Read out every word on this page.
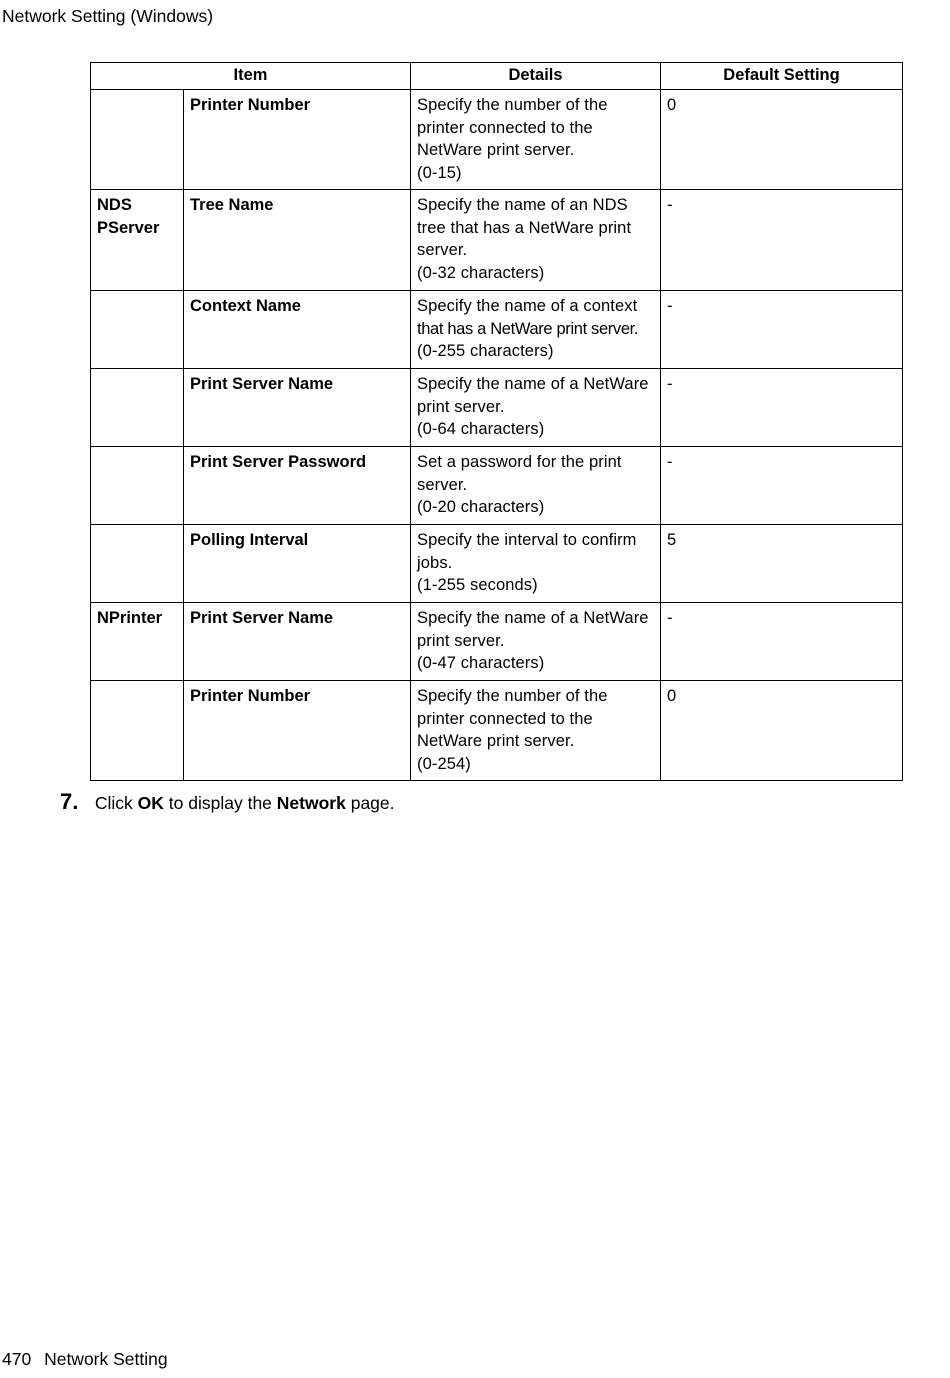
Network Setting (Windows)
Item		Details	Default Setting
	Printer Number	Specify the number of the
printer connected to the
NetWare print server.
(0-15)	0

NDS
PServer	Tree Name	Specify the name of an NDS
tree that has a NetWare print
server.
(0-32 characters)	-
	Context Name	Specify the name of a context
that has a NetWare print server.
(0-255 characters)	-
	Print Server Name	Specify the name of a NetWare
print server.
(0-64 characters)	-
	Print Server Password	Set a password for the print
server.
(0-20 characters)	-
	Polling Interval	Specify the interval to confirm
jobs.
(1-255 seconds)	5

NPrinter	Print Server Name	Specify the name of a NetWare
print server.
(0-47 characters)	-
	Printer Number	Specify the number of the
printer connected to the
NetWare print server.
(0-254)	0
7. Click OK to display the Network page.
470 Network Setting
